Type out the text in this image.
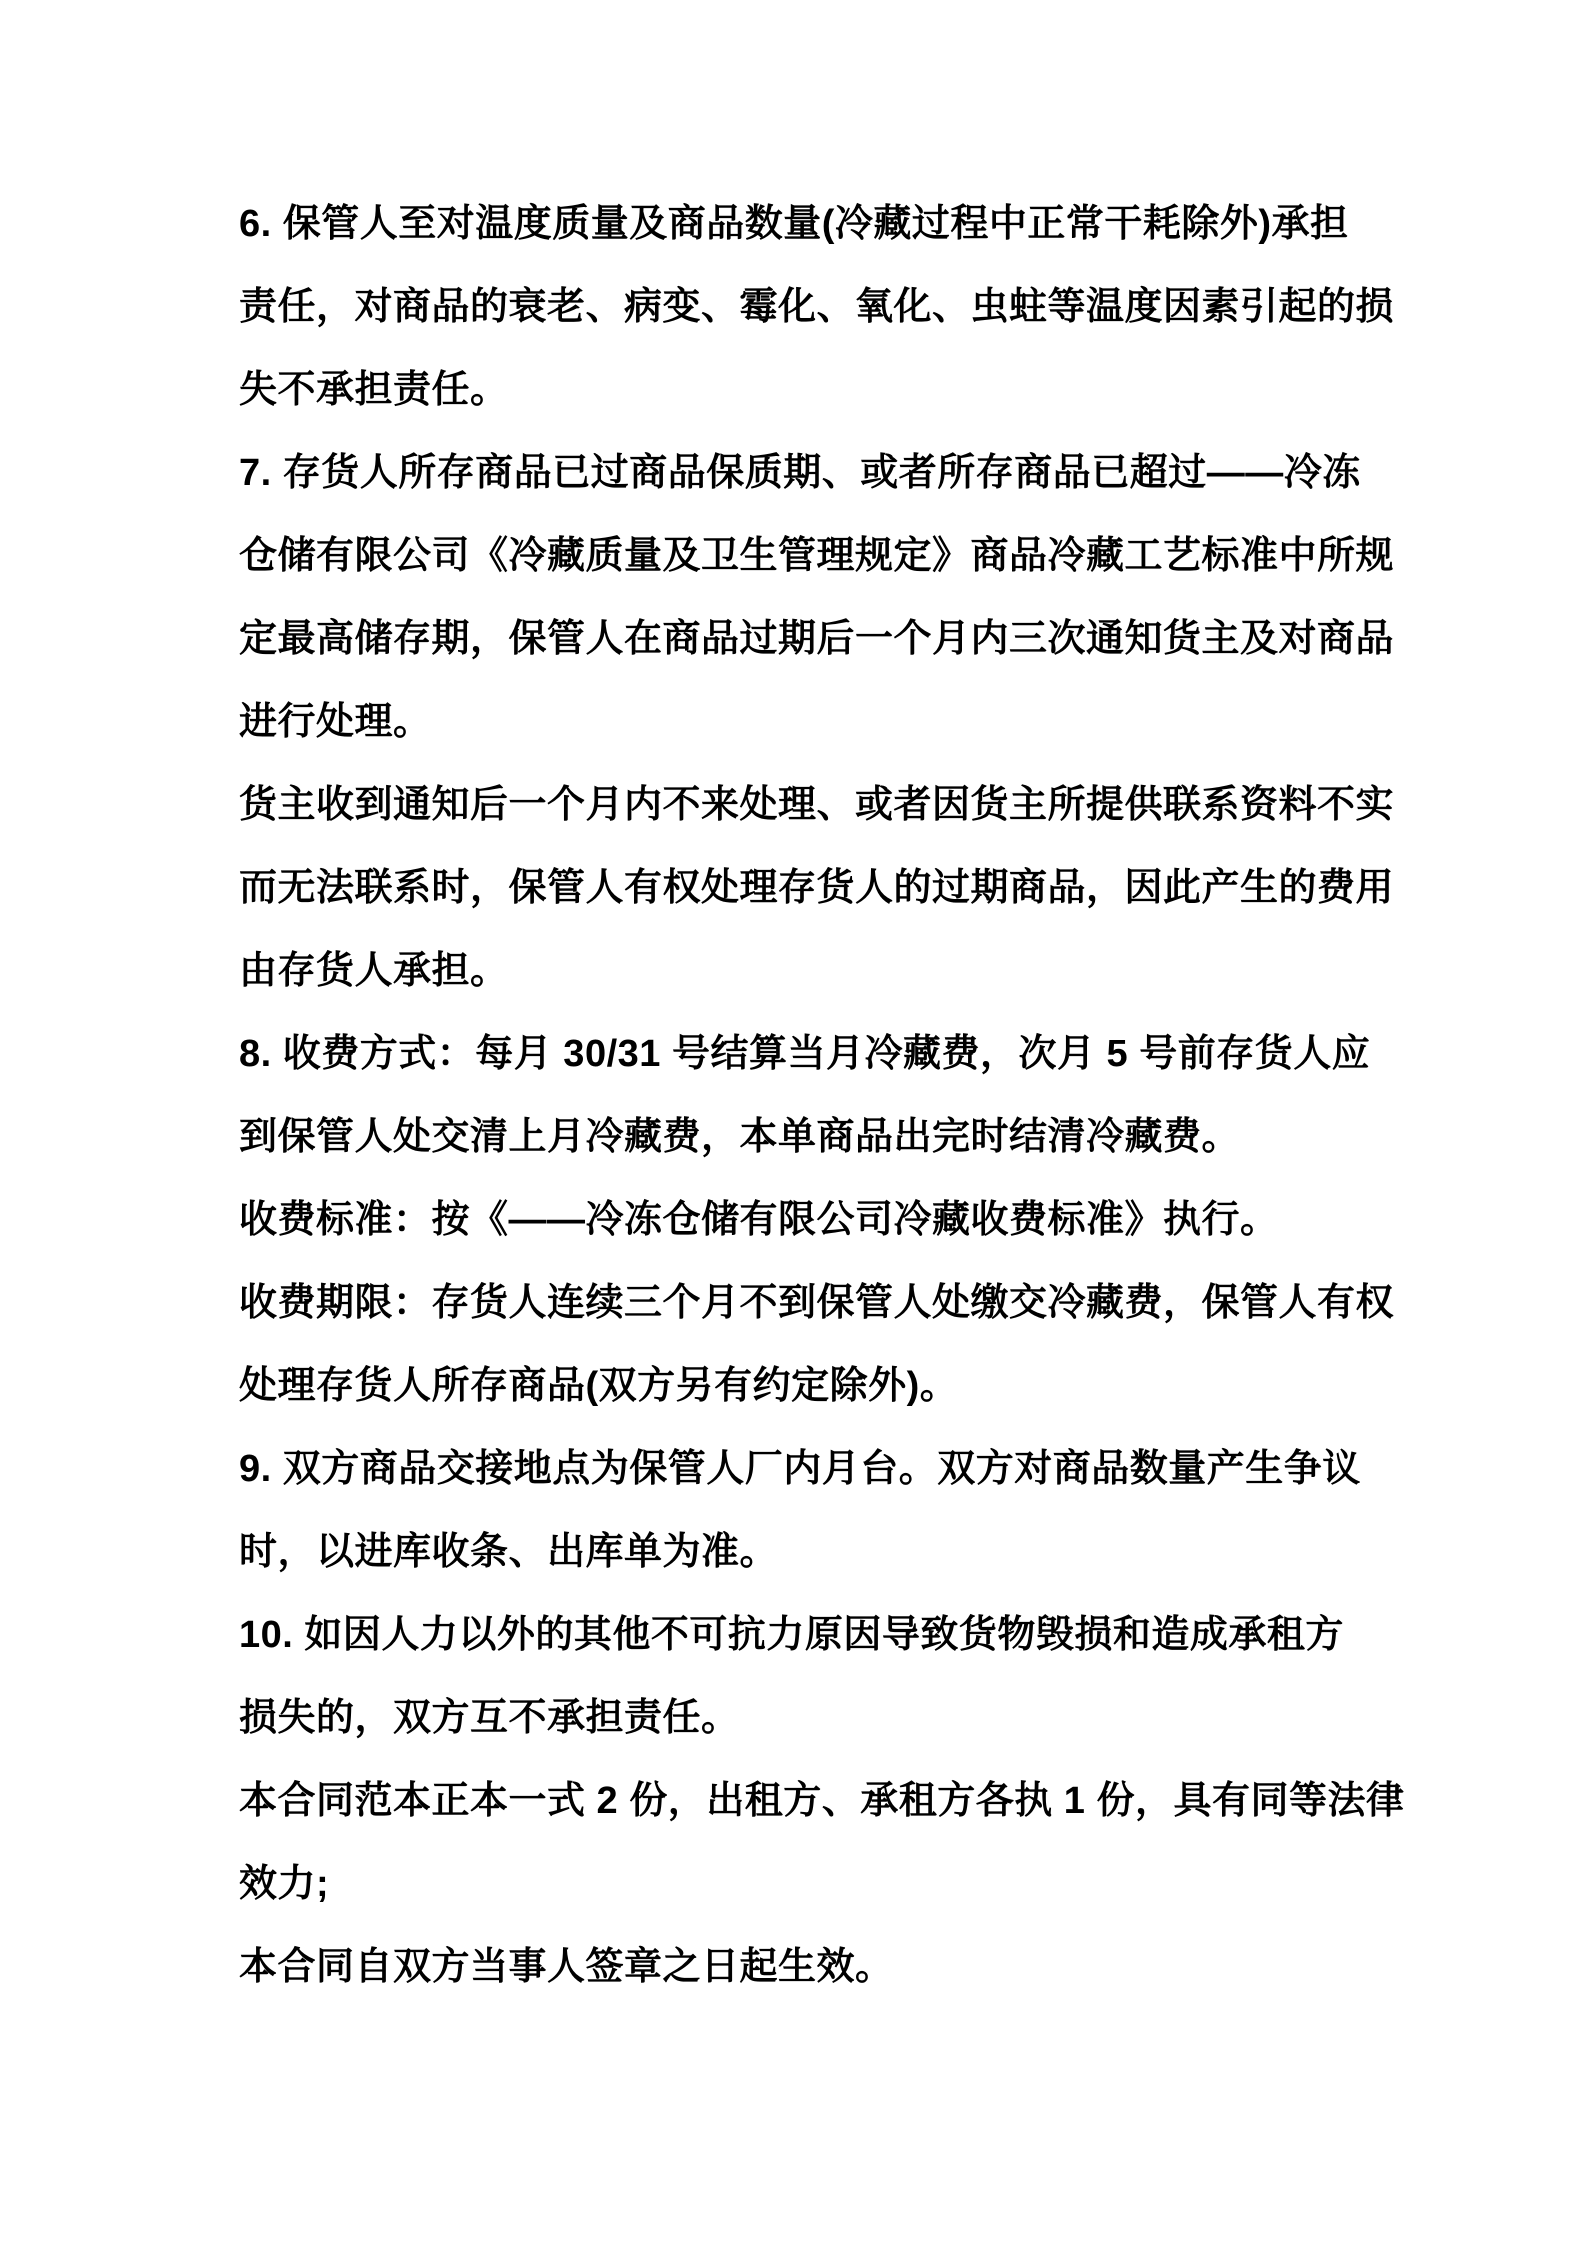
6. 保管人至对温度质量及商品数量(冷藏过程中正常干耗除外)承担

责任，对商品的衰老、病变、霉化、氧化、虫蛀等温度因素引起的损

失不承担责任。

7. 存货人所存商品已过商品保质期、或者所存商品已超过——冷冻

仓储有限公司《冷藏质量及卫生管理规定》商品冷藏工艺标准中所规

定最高储存期，保管人在商品过期后一个月内三次通知货主及对商品

进行处理。

货主收到通知后一个月内不来处理、或者因货主所提供联系资料不实

而无法联系时，保管人有权处理存货人的过期商品，因此产生的费用

由存货人承担。

8. 收费方式：每月 30/31 号结算当月冷藏费，次月 5 号前存货人应

到保管人处交清上月冷藏费，本单商品出完时结清冷藏费。

收费标准：按《——冷冻仓储有限公司冷藏收费标准》执行。

收费期限：存货人连续三个月不到保管人处缴交冷藏费，保管人有权

处理存货人所存商品(双方另有约定除外)。

9. 双方商品交接地点为保管人厂内月台。双方对商品数量产生争议

时，以进库收条、出库单为准。

10. 如因人力以外的其他不可抗力原因导致货物毁损和造成承租方

损失的，双方互不承担责任。

本合同范本正本一式 2 份，出租方、承租方各执 1 份，具有同等法律

效力;

本合同自双方当事人签章之日起生效。
